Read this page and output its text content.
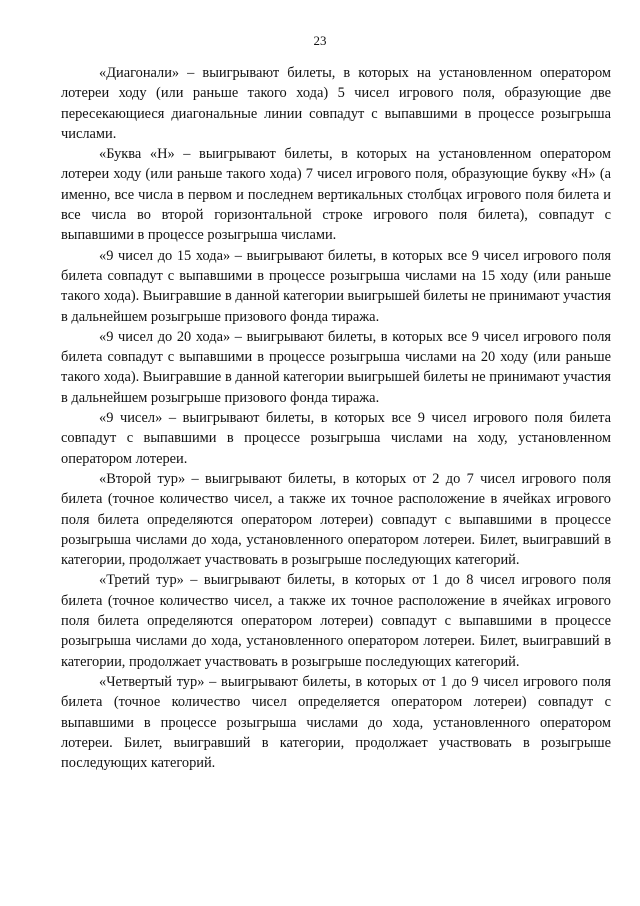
23

«Диагонали» – выигрывают билеты, в которых на установленном оператором лотереи ходу (или раньше такого хода) 5 чисел игрового поля, образующие две пересекающиеся диагональные линии совпадут с выпавшими в процессе розыгрыша числами.

«Буква «Н» – выигрывают билеты, в которых на установленном оператором лотереи ходу (или раньше такого хода) 7 чисел игрового поля, образующие букву «Н» (а именно, все числа в первом и последнем вертикальных столбцах игрового поля билета и все числа во второй горизонтальной строке игрового поля билета), совпадут с выпавшими в процессе розыгрыша числами.

«9 чисел до 15 хода» – выигрывают билеты, в которых все 9 чисел игрового поля билета совпадут с выпавшими в процессе розыгрыша числами на 15 ходу (или раньше такого хода). Выигравшие в данной категории выигрышей билеты не принимают участия в дальнейшем розыгрыше призового фонда тиража.

«9 чисел до 20 хода» – выигрывают билеты, в которых все 9 чисел игрового поля билета совпадут с выпавшими в процессе розыгрыша числами на 20 ходу (или раньше такого хода). Выигравшие в данной категории выигрышей билеты не принимают участия в дальнейшем розыгрыше призового фонда тиража.

«9 чисел» – выигрывают билеты, в которых все 9 чисел игрового поля билета совпадут с выпавшими в процессе розыгрыша числами на ходу, установленном оператором лотереи.

«Второй тур» – выигрывают билеты, в которых от 2 до 7 чисел игрового поля билета (точное количество чисел, а также их точное расположение в ячейках игрового поля билета определяются оператором лотереи) совпадут с выпавшими в процессе розыгрыша числами до хода, установленного оператором лотереи. Билет, выигравший в категории, продолжает участвовать в розыгрыше последующих категорий.

«Третий тур» – выигрывают билеты, в которых от 1 до 8 чисел игрового поля билета (точное количество чисел, а также их точное расположение в ячейках игрового поля билета определяются оператором лотереи) совпадут с выпавшими в процессе розыгрыша числами до хода, установленного оператором лотереи. Билет, выигравший в категории, продолжает участвовать в розыгрыше последующих категорий.

«Четвертый тур» – выигрывают билеты, в которых от 1 до 9 чисел игрового поля билета (точное количество чисел определяется оператором лотереи) совпадут с выпавшими в процессе розыгрыша числами до хода, установленного оператором лотереи. Билет, выигравший в категории, продолжает участвовать в розыгрыше последующих категорий.
